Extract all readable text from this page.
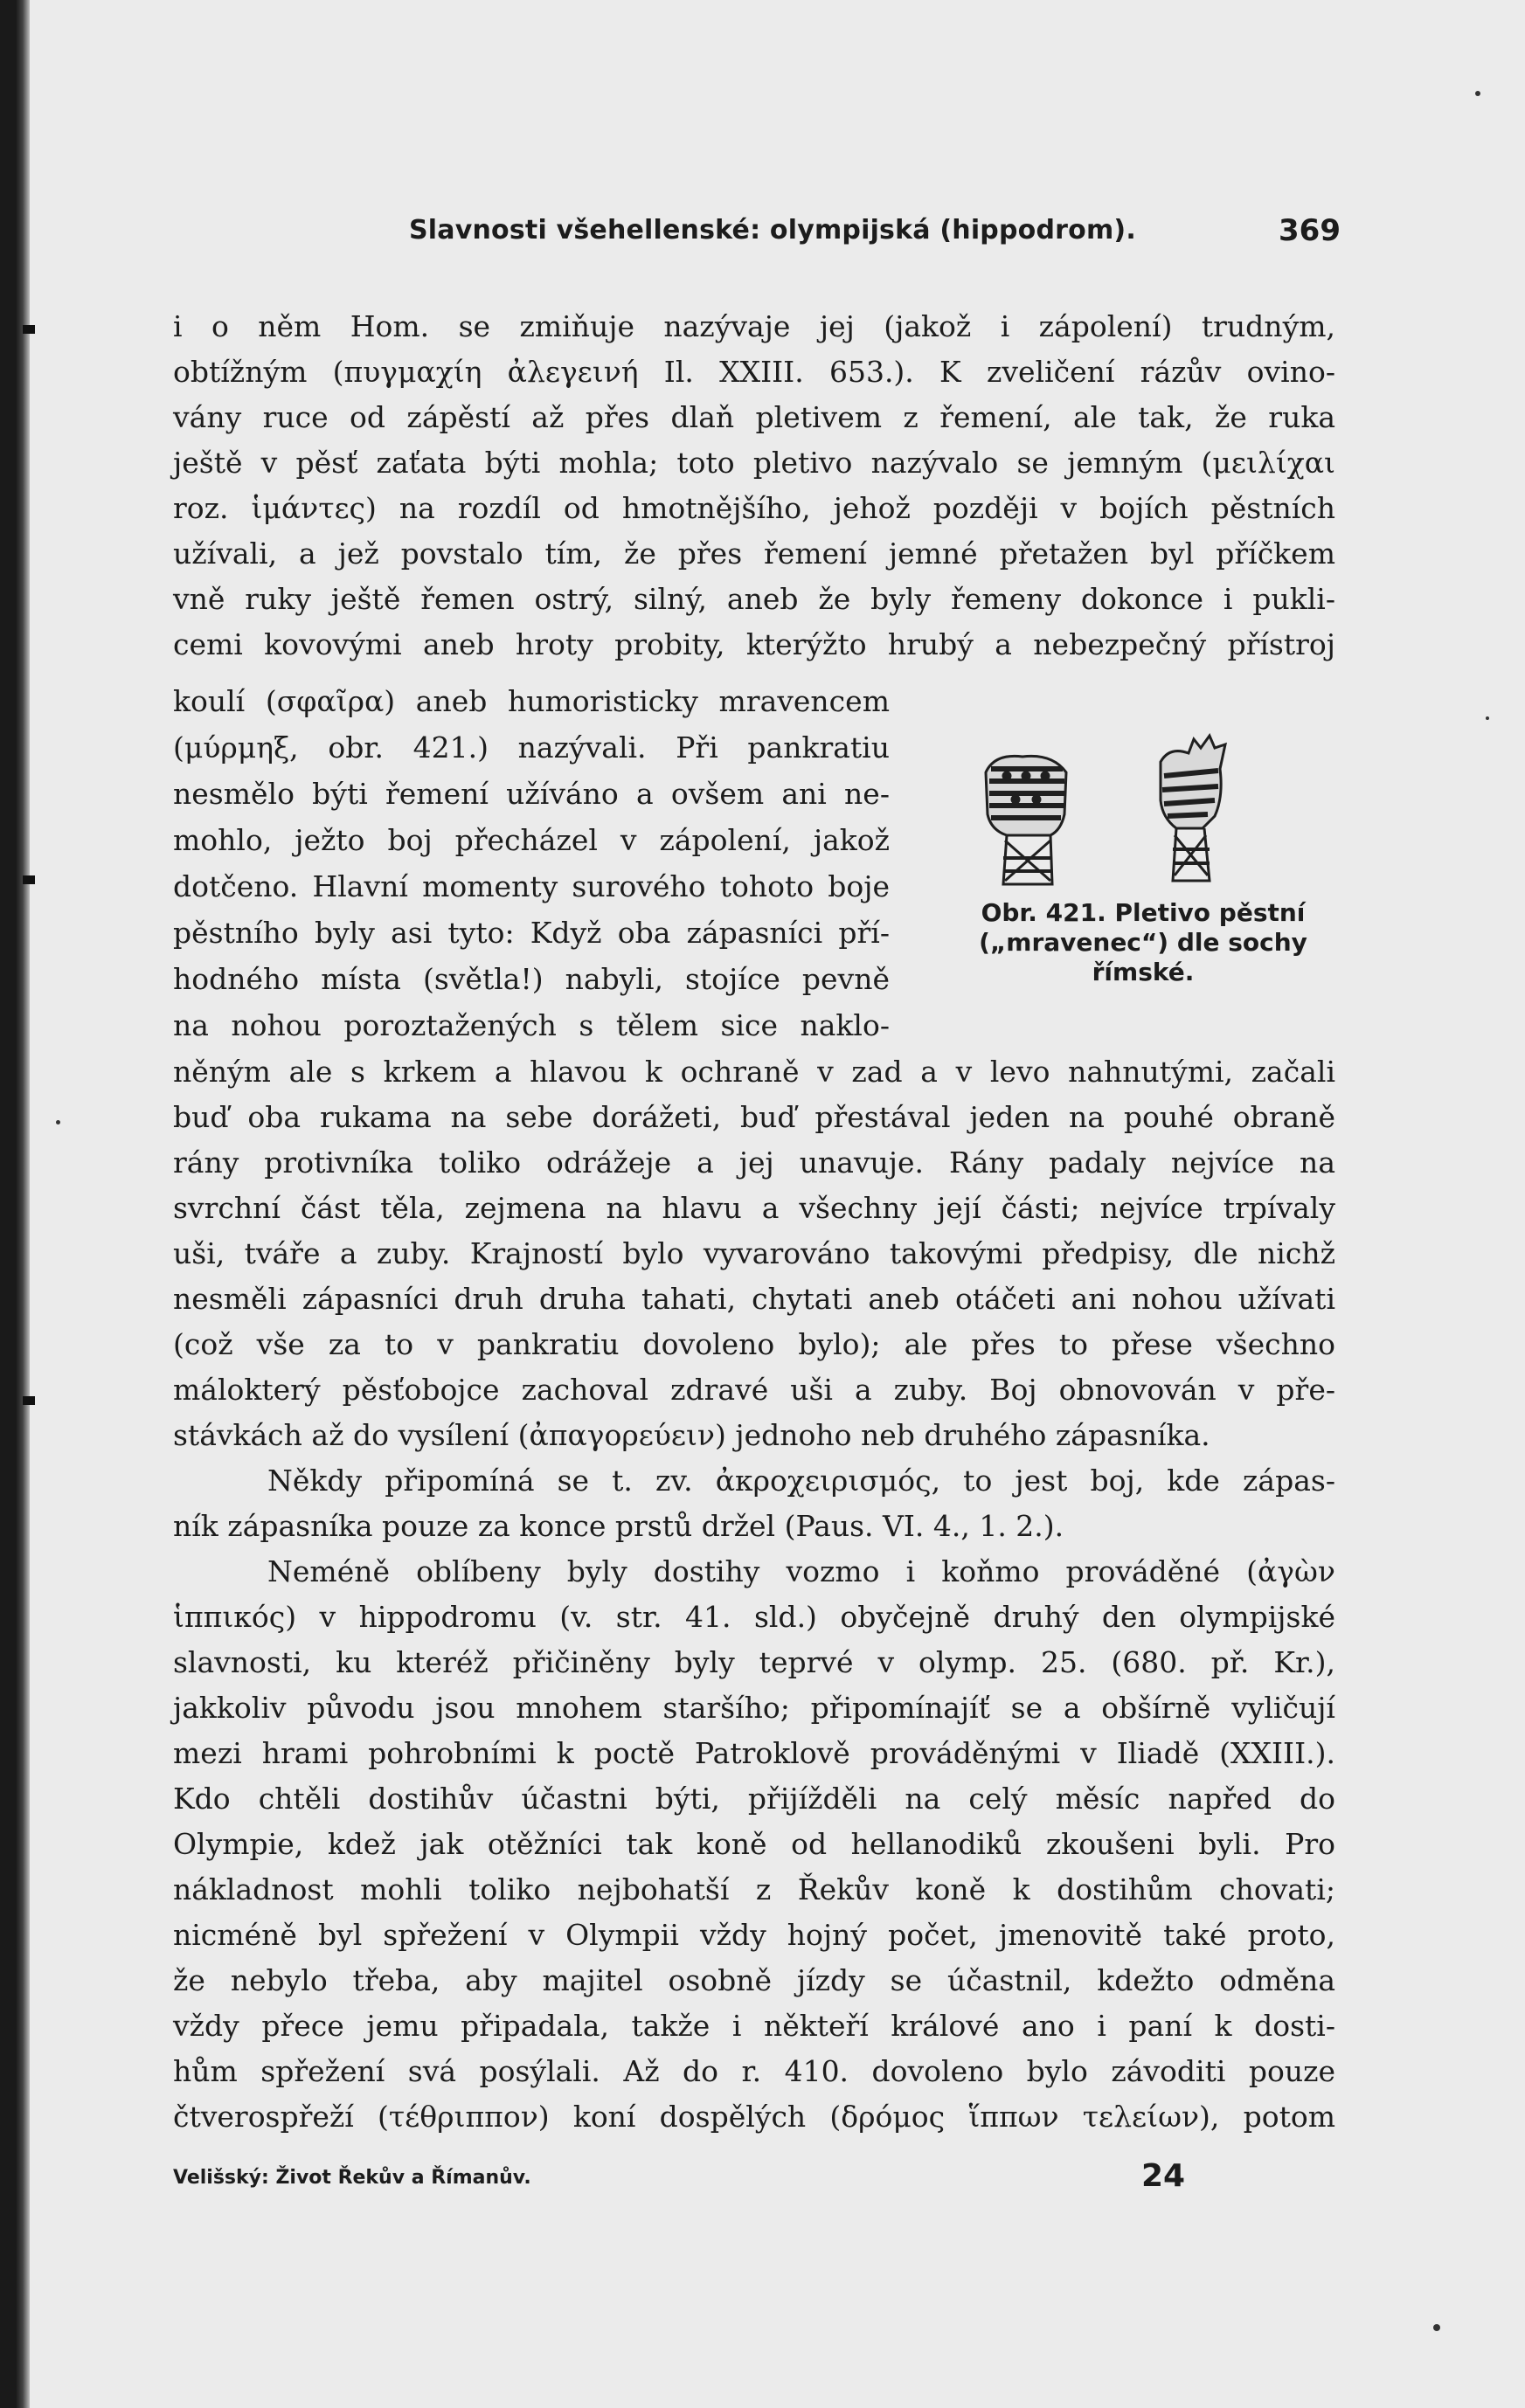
Slavnosti všehellenské: olympijská (hippodrom).	369

i o něm Hom. se zmiňuje nazývaje jej (jakož i zápolení) trudným,

obtížným (πυγμαχίη ἀλεγεινή Il. XXIII. 653.). K zveličení rázův ovino-

vány ruce od zápěstí až přes dlaň pletivem z řemení, ale tak, že ruka

ještě v pěsť zaťata býti mohla; toto pletivo nazývalo se jemným (μειλίχαι

roz. ἱμάντες) na rozdíl od hmotnějšího, jehož později v bojích pěstních

užívali, a jež povstalo tím, že přes řemení jemné přetažen byl příčkem

vně ruky ještě řemen ostrý, silný, aneb že byly řemeny dokonce i pukli-

cemi kovovými aneb hroty probity, kterýžto hrubý a nebezpečný přístroj

koulí (σφαῖρα) aneb humoristicky mravencem

(μύρμηξ, obr. 421.) nazývali. Při pankratiu

nesmělo býti řemení užíváno a ovšem ani ne-

mohlo, ježto boj přecházel v zápolení, jakož

dotčeno. Hlavní momenty surového tohoto boje

pěstního byly asi tyto: Když oba zápasníci pří-

hodného místa (světla!) nabyli, stojíce pevně

na nohou poroztažených s tělem sice naklo-

Obr. 421. Pletivo pěstní
(„mravenec“) dle sochy
římské.

něným ale s krkem a hlavou k ochraně v zad a v levo nahnutými, začali

buď oba rukama na sebe dorážeti, buď přestával jeden na pouhé obraně

rány protivníka toliko odrážeje a jej unavuje. Rány padaly nejvíce na

svrchní část těla, zejmena na hlavu a všechny její části; nejvíce trpívaly

uši, tváře a zuby. Krajností bylo vyvarováno takovými předpisy, dle nichž

nesměli zápasníci druh druha tahati, chytati aneb otáčeti ani nohou užívati

(což vše za to v pankratiu dovoleno bylo); ale přes to přese všechno

málokterý pěsťobojce zachoval zdravé uši a zuby. Boj obnovován v pře-

stávkách až do vysílení (ἀπαγορεύειν) jednoho neb druhého zápasníka.

Někdy připomíná se t. zv. ἀκροχειρισμός, to jest boj, kde zápas-

ník zápasníka pouze za konce prstů držel (Paus. VI. 4., 1. 2.).

Neméně oblíbeny byly dostihy vozmo i koňmo prováděné (ἀγὼν

ἱππικός) v hippodromu (v. str. 41. sld.) obyčejně druhý den olympijské

slavnosti, ku kteréž přičiněny byly teprvé v olymp. 25. (680. př. Kr.),

jakkoliv původu jsou mnohem staršího; připomínajíť se a obšírně vyličují

mezi hrami pohrobními k poctě Patroklově prováděnými v Iliadě (XXIII.).

Kdo chtěli dostihův účastni býti, přijížděli na celý měsíc napřed do

Olympie, kdež jak otěžníci tak koně od hellanodiků zkoušeni byli. Pro

nákladnost mohli toliko nejbohatší z Řekův koně k dostihům chovati;

nicméně byl spřežení v Olympii vždy hojný počet, jmenovitě také proto,

že nebylo třeba, aby majitel osobně jízdy se účastnil, kdežto odměna

vždy přece jemu připadala, takže i někteří králové ano i paní k dosti-

hům spřežení svá posýlali. Až do r. 410. dovoleno bylo závoditi pouze

čtverospřeží (τέθριππον) koní dospělých (δρόμος ἵππων τελείων), potom

Velišský: Život Řekův a Římanův.	24
